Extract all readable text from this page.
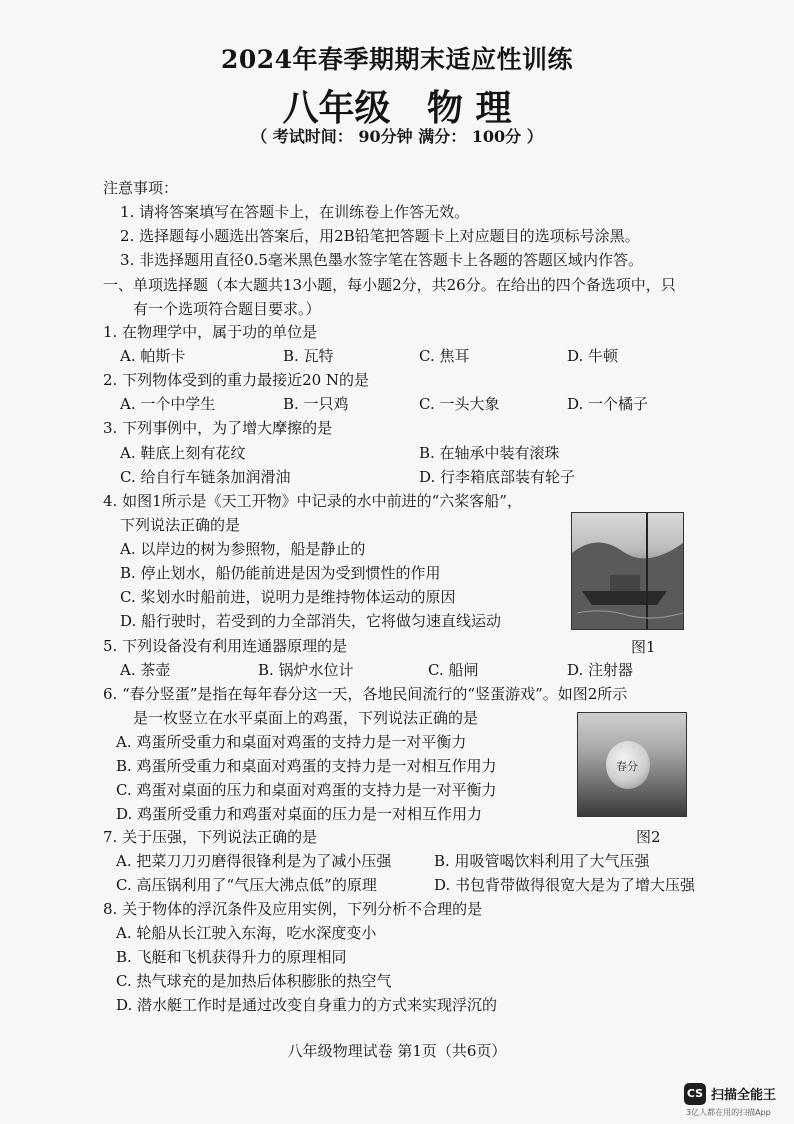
2024年春季期期末适应性训练
八年级 物 理
（ 考试时间： 90分钟 满分： 100分 ）
注意事项：
1. 请将答案填写在答题卡上，在训练卷上作答无效。
2. 选择题每小题选出答案后，用2B铅笔把答题卡上对应题目的选项标号涂黑。
3. 非选择题用直径0.5毫米黑色墨水签字笔在答题卡上各题的答题区域内作答。
一、单项选择题（本大题共13小题，每小题2分，共26分。在给出的四个备选项中，只
有一个选项符合题目要求。）
1. 在物理学中，属于功的单位是
A. 帕斯卡	B. 瓦特	C. 焦耳	D. 牛顿
2. 下列物体受到的重力最接近20 N的是
A. 一个中学生	B. 一只鸡	C. 一头大象	D. 一个橘子
3. 下列事例中，为了增大摩擦的是
A. 鞋底上刻有花纹	B. 在轴承中装有滚珠
C. 给自行车链条加润滑油	D. 行李箱底部装有轮子
4. 如图1所示是《天工开物》中记录的水中前进的“六桨客船”，
下列说法正确的是
A. 以岸边的树为参照物，船是静止的
B. 停止划水，船仍能前进是因为受到惯性的作用
C. 桨划水时船前进，说明力是维持物体运动的原因
D. 船行驶时，若受到的力全部消失，它将做匀速直线运动
图1
5. 下列设备没有利用连通器原理的是
A. 茶壶	B. 锅炉水位计	C. 船闸	D. 注射器
6. “春分竖蛋”是指在每年春分这一天，各地民间流行的“竖蛋游戏”。如图2所示
是一枚竖立在水平桌面上的鸡蛋，下列说法正确的是
A. 鸡蛋所受重力和桌面对鸡蛋的支持力是一对平衡力
B. 鸡蛋所受重力和桌面对鸡蛋的支持力是一对相互作用力
C. 鸡蛋对桌面的压力和桌面对鸡蛋的支持力是一对平衡力
D. 鸡蛋所受重力和鸡蛋对桌面的压力是一对相互作用力
春分
图2
7. 关于压强，下列说法正确的是
A. 把菜刀刀刃磨得很锋利是为了减小压强	B. 用吸管喝饮料利用了大气压强
C. 高压锅利用了“气压大沸点低”的原理	D. 书包背带做得很宽大是为了增大压强
8. 关于物体的浮沉条件及应用实例，下列分析不合理的是
A. 轮船从长江驶入东海，吃水深度变小
B. 飞艇和飞机获得升力的原理相同
C. 热气球充的是加热后体积膨胀的热空气
D. 潜水艇工作时是通过改变自身重力的方式来实现浮沉的
八年级物理试卷 第1页（共6页）
CS 扫描全能王
3亿人都在用的扫描App
